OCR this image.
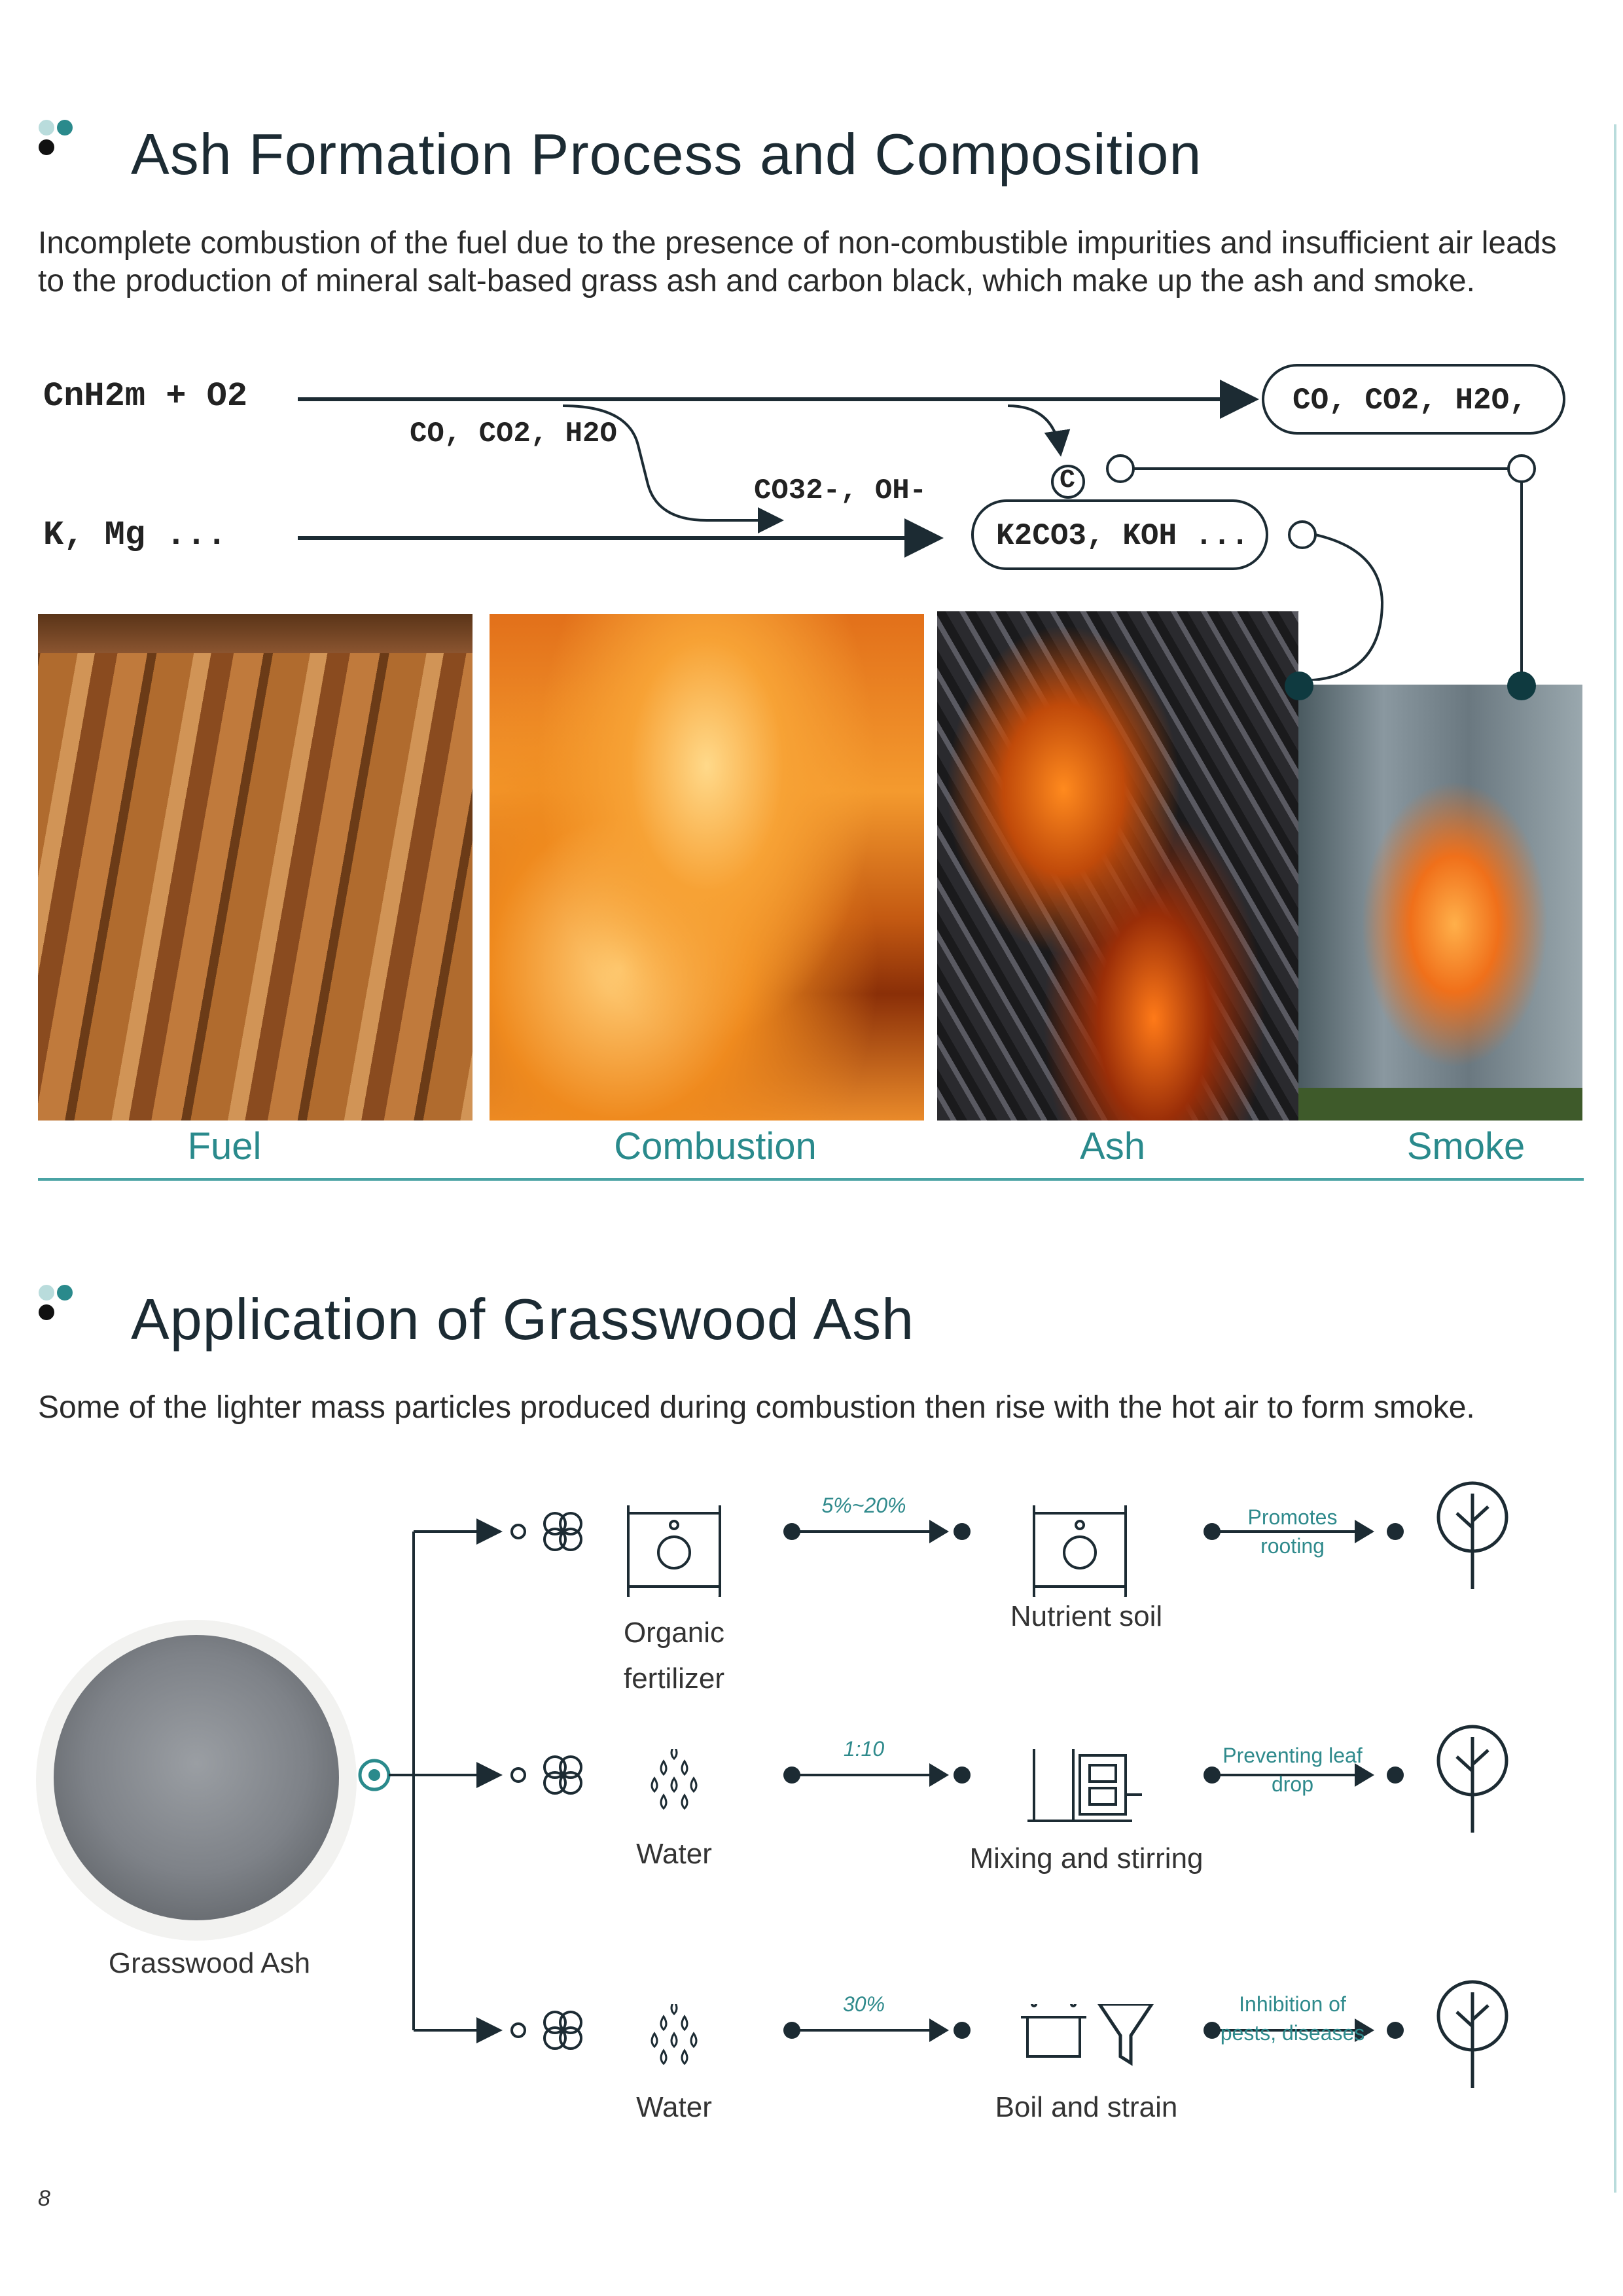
Ash Formation Process and Composition
Incomplete combustion of the fuel due to the presence of non-combustible impurities and insufficient air leads to the production of mineral salt-based grass ash and carbon black, which make up the ash and smoke.
CnH2m + O2
K, Mg ...
CO, CO2, H2O
CO32-, OH-
CO, CO2, H2O,
C
K2CO3, KOH ...
Fuel	Combustion	Ash	Smoke
Application of Grasswood Ash
Some of the lighter mass particles produced during combustion then rise with the hot air to form smoke.
Grasswood Ash
Organic fertilizer
5%~20%
Nutrient soil
Promotes rooting
Water
1:10
Mixing and stirring
Preventing leaf drop
Water
30%
Boil and strain
Inhibition of pests, diseases
8
